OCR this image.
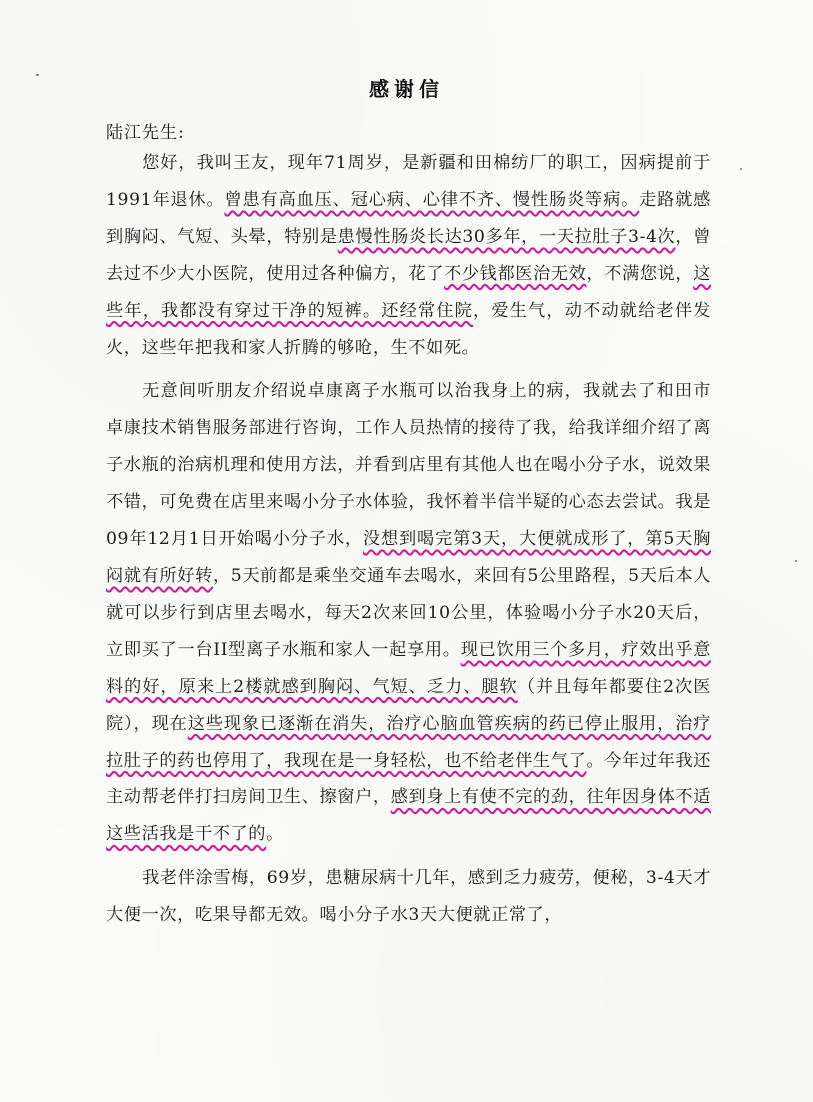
感谢信
陆江先生:

您好，我叫王友，现年71周岁，是新疆和田棉纺厂的职工，因病提前于1991年退休。曾患有高血压、冠心病、心律不齐、慢性肠炎等病。走路就感到胸闷、气短、头晕，特别是患慢性肠炎长达30多年，一天拉肚子3-4次，曾去过不少大小医院，使用过各种偏方，花了不少钱都医治无效，不满您说，这些年，我都没有穿过干净的短裤。还经常住院，爱生气，动不动就给老伴发火，这些年把我和家人折腾的够呛，生不如死。

无意间听朋友介绍说卓康离子水瓶可以治我身上的病，我就去了和田市卓康技术销售服务部进行咨询，工作人员热情的接待了我，给我详细介绍了离子水瓶的治病机理和使用方法，并看到店里有其他人也在喝小分子水，说效果不错，可免费在店里来喝小分子水体验，我怀着半信半疑的心态去尝试。我是09年12月1日开始喝小分子水，没想到喝完第3天，大便就成形了，第5天胸闷就有所好转，5天前都是乘坐交通车去喝水，来回有5公里路程，5天后本人就可以步行到店里去喝水，每天2次来回10公里，体验喝小分子水20天后，立即买了一台II型离子水瓶和家人一起享用。现已饮用三个多月，疗效出乎意料的好，原来上2楼就感到胸闷、气短、乏力、腿软（并且每年都要住2次医院），现在这些现象已逐渐在消失，治疗心脑血管疾病的药已停止服用，治疗拉肚子的药也停用了，我现在是一身轻松，也不给老伴生气了。今年过年我还主动帮老伴打扫房间卫生、擦窗户，感到身上有使不完的劲，往年因身体不适这些活我是干不了的。

我老伴涂雪梅，69岁，患糖尿病十几年，感到乏力疲劳，便秘，3-4天才大便一次，吃果导都无效。喝小分子水3天大便就正常了，
